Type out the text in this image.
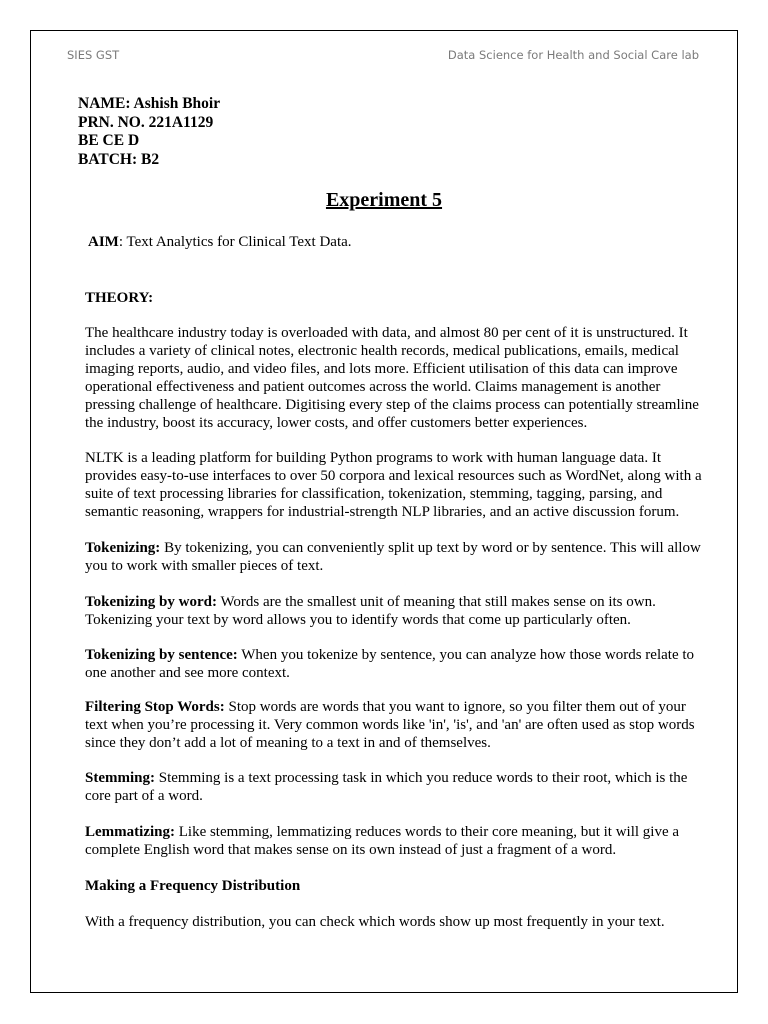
SIES GST	Data Science for Health and Social Care lab
NAME: Ashish Bhoir
PRN. NO. 221A1129
BE CE D
BATCH: B2
Experiment 5
AIM: Text Analytics for Clinical Text Data.
THEORY:

The healthcare industry today is overloaded with data, and almost 80 per cent of it is unstructured. It includes a variety of clinical notes, electronic health records, medical publications, emails, medical imaging reports, audio, and video files, and lots more. Efficient utilisation of this data can improve operational effectiveness and patient outcomes across the world. Claims management is another pressing challenge of healthcare. Digitising every step of the claims process can potentially streamline the industry, boost its accuracy, lower costs, and offer customers better experiences.

NLTK is a leading platform for building Python programs to work with human language data. It provides easy-to-use interfaces to over 50 corpora and lexical resources such as WordNet, along with a suite of text processing libraries for classification, tokenization, stemming, tagging, parsing, and semantic reasoning, wrappers for industrial-strength NLP libraries, and an active discussion forum.

Tokenizing: By tokenizing, you can conveniently split up text by word or by sentence. This will allow you to work with smaller pieces of text.

Tokenizing by word: Words are the smallest unit of meaning that still makes sense on its own. Tokenizing your text by word allows you to identify words that come up particularly often.

Tokenizing by sentence: When you tokenize by sentence, you can analyze how those words relate to one another and see more context.

Filtering Stop Words: Stop words are words that you want to ignore, so you filter them out of your text when you’re processing it. Very common words like 'in', 'is', and 'an' are often used as stop words since they don’t add a lot of meaning to a text in and of themselves.

Stemming: Stemming is a text processing task in which you reduce words to their root, which is the core part of a word.

Lemmatizing: Like stemming, lemmatizing reduces words to their core meaning, but it will give a complete English word that makes sense on its own instead of just a fragment of a word.

Making a Frequency Distribution
With a frequency distribution, you can check which words show up most frequently in your text.
